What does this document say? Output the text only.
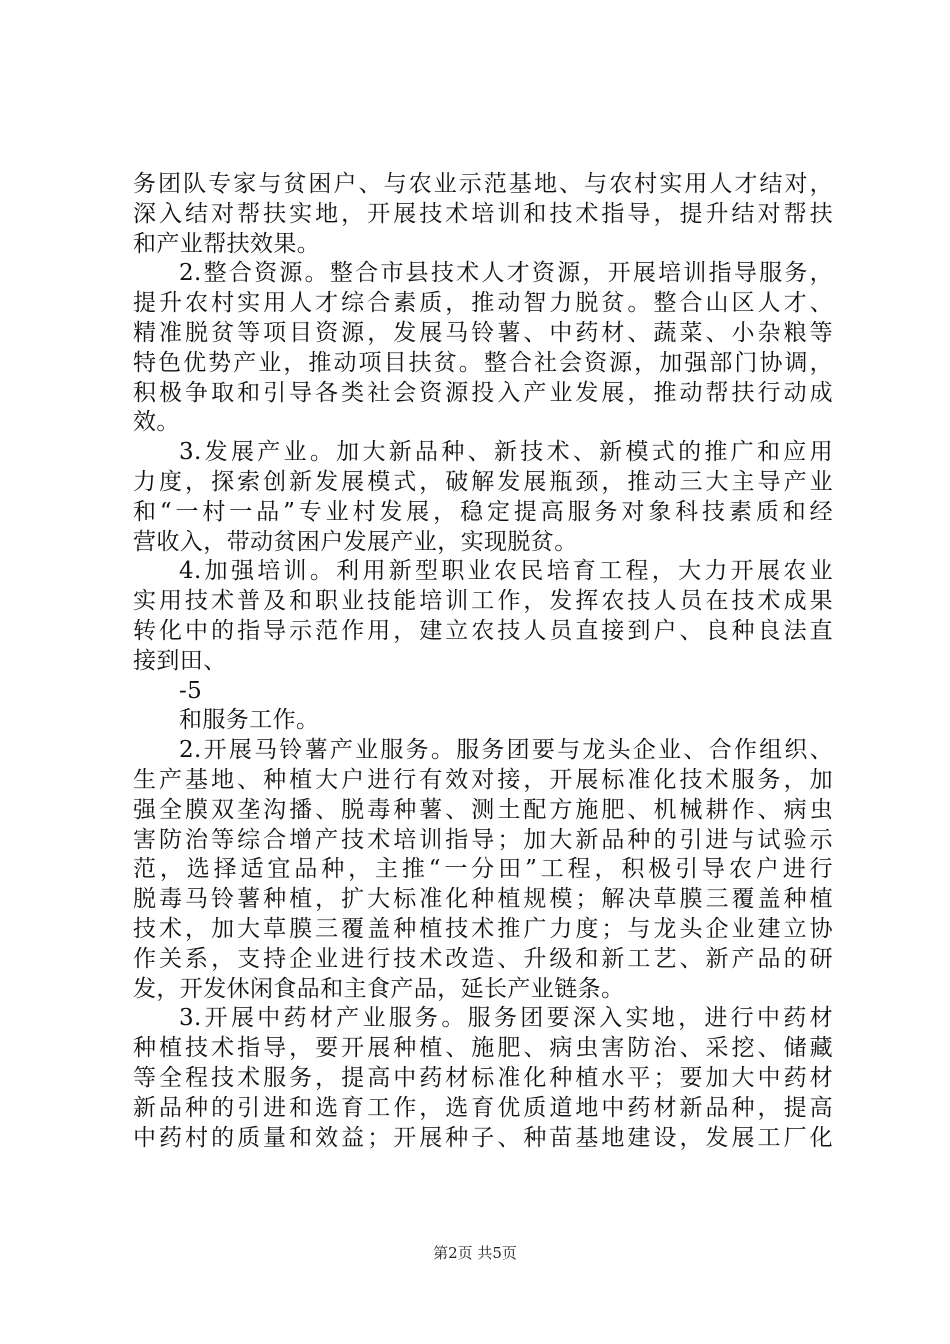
务团队专家与贫困户、与农业示范基地、与农村实用人才结对，
深入结对帮扶实地，开展技术培训和技术指导，提升结对帮扶
和产业帮扶效果。
2.整合资源。整合市县技术人才资源，开展培训指导服务，
提升农村实用人才综合素质，推动智力脱贫。整合山区人才、
精准脱贫等项目资源，发展马铃薯、中药材、蔬菜、小杂粮等
特色优势产业，推动项目扶贫。整合社会资源，加强部门协调，
积极争取和引导各类社会资源投入产业发展，推动帮扶行动成
效。
3.发展产业。加大新品种、新技术、新模式的推广和应用
力度，探索创新发展模式，破解发展瓶颈，推动三大主导产业
和“一村一品”专业村发展，稳定提高服务对象科技素质和经
营收入，带动贫困户发展产业，实现脱贫。
4.加强培训。利用新型职业农民培育工程，大力开展农业
实用技术普及和职业技能培训工作，发挥农技人员在技术成果
转化中的指导示范作用，建立农技人员直接到户、良种良法直
接到田、
-5
和服务工作。
2.开展马铃薯产业服务。服务团要与龙头企业、合作组织、
生产基地、种植大户进行有效对接，开展标准化技术服务，加
强全膜双垄沟播、脱毒种薯、测土配方施肥、机械耕作、病虫
害防治等综合增产技术培训指导；加大新品种的引进与试验示
范，选择适宜品种，主推“一分田”工程，积极引导农户进行
脱毒马铃薯种植，扩大标准化种植规模；解决草膜三覆盖种植
技术，加大草膜三覆盖种植技术推广力度；与龙头企业建立协
作关系，支持企业进行技术改造、升级和新工艺、新产品的研
发，开发休闲食品和主食产品，延长产业链条。
3.开展中药材产业服务。服务团要深入实地，进行中药材
种植技术指导，要开展种植、施肥、病虫害防治、采挖、储藏
等全程技术服务，提高中药材标准化种植水平；要加大中药材
新品种的引进和选育工作，选育优质道地中药材新品种，提高
中药村的质量和效益；开展种子、种苗基地建设，发展工厂化
第2页 共5页
